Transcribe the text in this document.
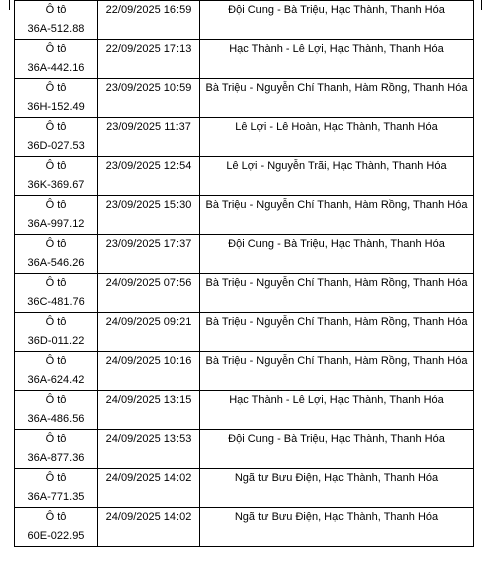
Ô tô
36A-512.88	22/09/2025 16:59	Đội Cung - Bà Triệu, Hạc Thành, Thanh Hóa

Ô tô
36A-442.16	22/09/2025 17:13	Hạc Thành - Lê Lợi, Hạc Thành, Thanh Hóa

Ô tô
36H-152.49	23/09/2025 10:59	Bà Triệu - Nguyễn Chí Thanh, Hàm Rồng, Thanh Hóa

Ô tô
36D-027.53	23/09/2025 11:37	Lê Lợi - Lê Hoàn, Hạc Thành, Thanh Hóa

Ô tô
36K-369.67	23/09/2025 12:54	Lê Lợi - Nguyễn Trãi, Hạc Thành, Thanh Hóa

Ô tô
36A-997.12	23/09/2025 15:30	Bà Triệu - Nguyễn Chí Thanh, Hàm Rồng, Thanh Hóa

Ô tô
36A-546.26	23/09/2025 17:37	Đội Cung - Bà Triệu, Hạc Thành, Thanh Hóa

Ô tô
36C-481.76	24/09/2025 07:56	Bà Triệu - Nguyễn Chí Thanh, Hàm Rồng, Thanh Hóa

Ô tô
36D-011.22	24/09/2025 09:21	Bà Triệu - Nguyễn Chí Thanh, Hàm Rồng, Thanh Hóa

Ô tô
36A-624.42	24/09/2025 10:16	Bà Triệu - Nguyễn Chí Thanh, Hàm Rồng, Thanh Hóa

Ô tô
36A-486.56	24/09/2025 13:15	Hạc Thành - Lê Lợi, Hạc Thành, Thanh Hóa

Ô tô
36A-877.36	24/09/2025 13:53	Đội Cung - Bà Triệu, Hạc Thành, Thanh Hóa

Ô tô
36A-771.35	24/09/2025 14:02	Ngã tư Bưu Điện, Hạc Thành, Thanh Hóa

Ô tô
60E-022.95	24/09/2025 14:02	Ngã tư Bưu Điện, Hạc Thành, Thanh Hóa
